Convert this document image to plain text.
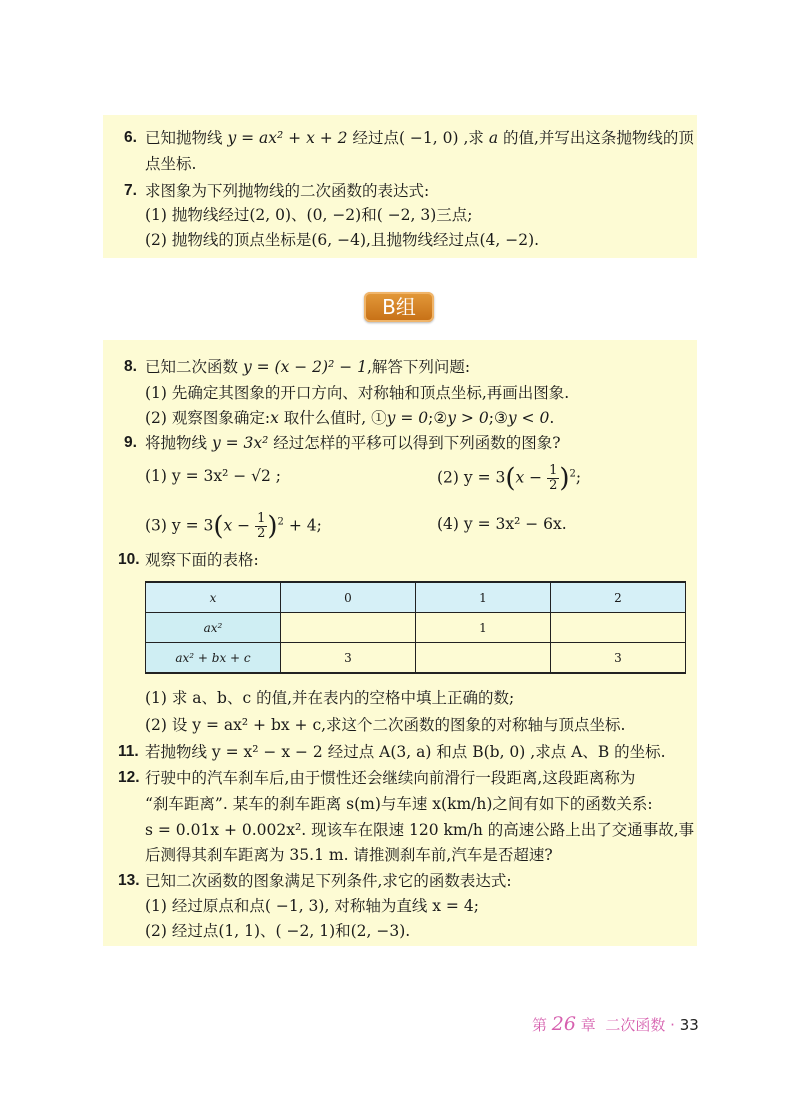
6. 已知抛物线 y = ax² + x + 2 经过点( −1, 0) ,求 a 的值,并写出这条抛物线的顶
点坐标.
7. 求图象为下列抛物线的二次函数的表达式:
(1) 抛物线经过(2, 0)、(0, −2)和( −2, 3)三点;
(2) 抛物线的顶点坐标是(6, −4),且抛物线经过点(4, −2).
B组
8. 已知二次函数 y = (x − 2)² − 1,解答下列问题:
(1) 先确定其图象的开口方向、对称轴和顶点坐标,再画出图象.
(2) 观察图象确定:x 取什么值时, ①y = 0;②y > 0;③y < 0.
9. 将抛物线 y = 3x² 经过怎样的平移可以得到下列函数的图象?
(1) y = 3x² − √2 ;	(2) $y = 3(x - \frac{1}{2} )^2$;
(3) $y = 3(x - \frac{1}{2} )^2 + 4$;	(4) y = 3x² − 6x.
10. 观察下面的表格:
x	0	1	2
ax²		1	
ax² + bx + c	3		3
(1) 求 a、b、c 的值,并在表内的空格中填上正确的数;
(2) 设 y = ax² + bx + c,求这个二次函数的图象的对称轴与顶点坐标.
11. 若抛物线 y = x² − x − 2 经过点 A(3, a) 和点 B(b, 0) ,求点 A、B 的坐标.
12. 行驶中的汽车刹车后,由于惯性还会继续向前滑行一段距离,这段距离称为
“刹车距离”. 某车的刹车距离 s(m)与车速 x(km/h)之间有如下的函数关系:
s = 0.01x + 0.002x². 现该车在限速 120 km/h 的高速公路上出了交通事故,事
后测得其刹车距离为 35.1 m. 请推测刹车前,汽车是否超速?
13. 已知二次函数的图象满足下列条件,求它的函数表达式:
(1) 经过原点和点( −1, 3), 对称轴为直线 x = 4;
(2) 经过点(1, 1)、( −2, 1)和(2, −3).
第 26 章 二次函数 · 33
